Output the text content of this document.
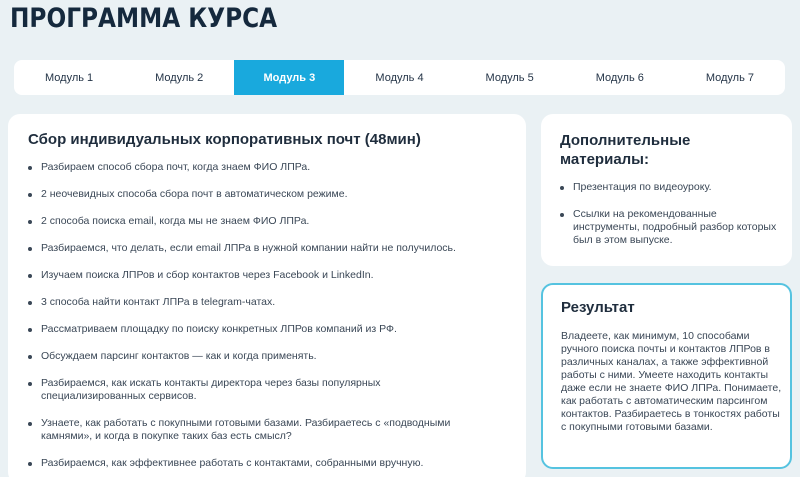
ПРОГРАММА КУРСА
Модуль 1	Модуль 2	Модуль 3	Модуль 4	Модуль 5	Модуль 6	Модуль 7
Сбор индивидуальных корпоративных почт (48мин)
Разбираем способ сбора почт, когда знаем ФИО ЛПРа.
2 неочевидных способа сбора почт в автоматическом режиме.
2 способа поиска email, когда мы не знаем ФИО ЛПРа.
Разбираемся, что делать, если email ЛПРа в нужной компании найти не получилось.
Изучаем поиска ЛПРов и сбор контактов через Facebook и LinkedIn.
3 способа найти контакт ЛПРа в telegram-чатах.
Рассматриваем площадку по поиску конкретных ЛПРов компаний из РФ.
Обсуждаем парсинг контактов — как и когда применять.
Разбираемся, как искать контакты директора через базы популярных специализированных сервисов.
Узнаете, как работать с покупными готовыми базами. Разбираетесь с «подводными камнями», и когда в покупке таких баз есть смысл?
Разбираемся, как эффективнее работать с контактами, собранными вручную.
Дополнительные материалы:
Презентация по видеоуроку.
Ссылки на рекомендованные инструменты, подробный разбор которых был в этом выпуске.
Результат

Владеете, как минимум, 10 способами ручного поиска почты и контактов ЛПРов в различных каналах, а также эффективной работы с ними. Умеете находить контакты даже если не знаете ФИО ЛПРа. Понимаете, как работать с автоматическим парсингом контактов. Разбираетесь в тонкостях работы с покупными готовыми базами.
